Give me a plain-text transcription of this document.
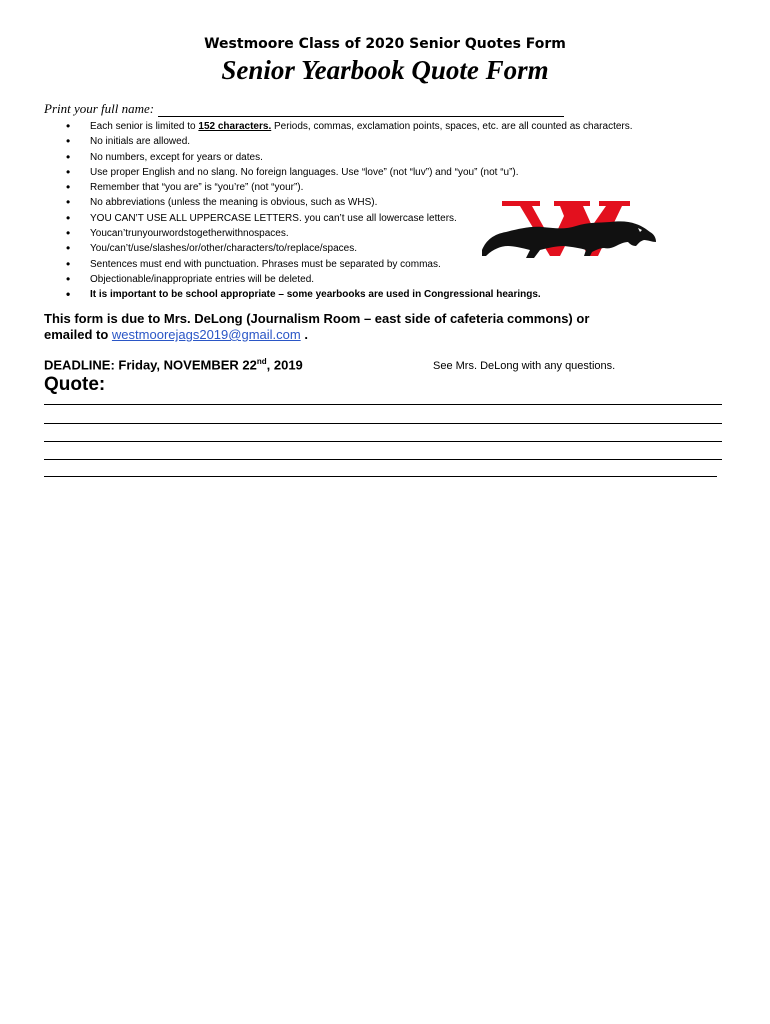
Westmoore Class of 2020 Senior Quotes Form
Senior Yearbook Quote Form
Print your full name:
• Each senior is limited to 152 characters. Periods, commas, exclamation points, spaces, etc. are all counted as characters.
• No initials are allowed.
• No numbers, except for years or dates.
• Use proper English and no slang. No foreign languages. Use “love” (not “luv”) and “you” (not “u”).
• Remember that “you are” is “you’re” (not “your”).
• No abbreviations (unless the meaning is obvious, such as WHS).
• YOU CAN’T USE ALL UPPERCASE LETTERS. you can’t use all lowercase letters.
• Youcan’trunyourwordstogetherwithnospaces.
• You/can’t/use/slashes/or/other/characters/to/replace/spaces.
• Sentences must end with punctuation. Phrases must be separated by commas.
• Objectionable/inappropriate entries will be deleted.
• It is important to be school appropriate – some yearbooks are used in Congressional hearings.
This form is due to Mrs. DeLong (Journalism Room – east side of cafeteria commons) or
emailed to westmoorejags2019@gmail.com .
DEADLINE: Friday, NOVEMBER 22nd, 2019	See Mrs. DeLong with any questions.
Quote:
